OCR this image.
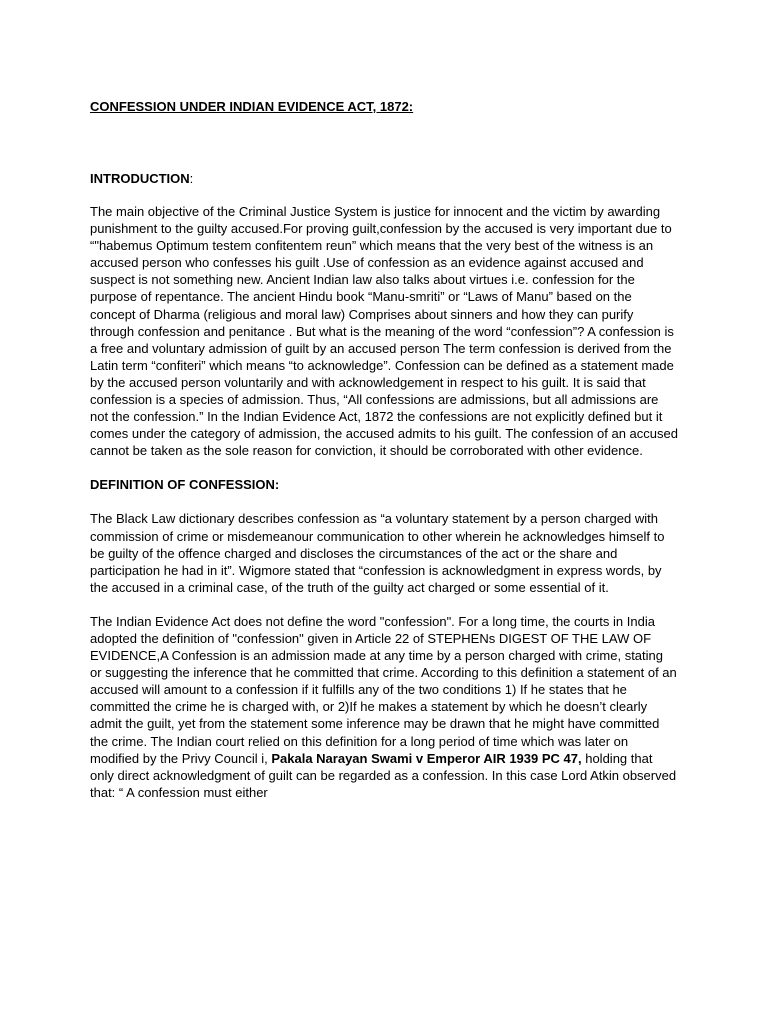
CONFESSION UNDER INDIAN EVIDENCE ACT, 1872:
INTRODUCTION:

The main objective of the Criminal Justice System is justice for innocent and the victim by awarding punishment to the guilty accused.For proving guilt,confession by the accused is very important due to “"habemus Optimum testem confitentem reun” which means that the very best of the witness is an accused person who confesses his guilt .Use of confession as an evidence against accused and suspect is not something new. Ancient Indian law also talks about virtues i.e. confession for the purpose of repentance. The ancient Hindu book “Manu-smriti” or “Laws of Manu” based on the concept of Dharma (religious and moral law) Comprises about sinners and how they can purify through confession and penitance . But what is the meaning of the word “confession”? A confession is a free and voluntary admission of guilt by an accused person The term confession is derived from the Latin term “confiteri” which means “to acknowledge”. Confession can be defined as a statement made by the accused person voluntarily and with acknowledgement in respect to his guilt. It is said that confession is a species of admission. Thus, “All confessions are admissions, but all admissions are not the confession.” In the Indian Evidence Act, 1872 the confessions are not explicitly defined but it comes under the category of admission, the accused admits to his guilt. The confession of an accused cannot be taken as the sole reason for conviction, it should be corroborated with other evidence.

DEFINITION OF CONFESSION:

The Black Law dictionary describes confession as “a voluntary statement by a person charged with commission of crime or misdemeanour communication to other wherein he acknowledges himself to be guilty of the offence charged and discloses the circumstances of the act or the share and participation he had in it”. Wigmore stated that “confession is acknowledgment in express words, by the accused in a criminal case, of the truth of the guilty act charged or some essential of it.

The Indian Evidence Act does not define the word "confession". For a long time, the courts in India adopted the definition of "confession" given in Article 22 of STEPHENs DIGEST OF THE LAW OF EVIDENCE,A Confession is an admission made at any time by a person charged with crime, stating or suggesting the inference that he committed that crime. According to this definition a statement of an accused will amount to a confession if it fulfills any of the two conditions 1) If he states that he committed the crime he is charged with, or 2)If he makes a statement by which he doesn’t clearly admit the guilt, yet from the statement some inference may be drawn that he might have committed the crime. The Indian court relied on this definition for a long period of time which was later on modified by the Privy Council i, Pakala Narayan Swami v Emperor AIR 1939 PC 47, holding that only direct acknowledgment of guilt can be regarded as a confession. In this case Lord Atkin observed that: “ A confession must either
